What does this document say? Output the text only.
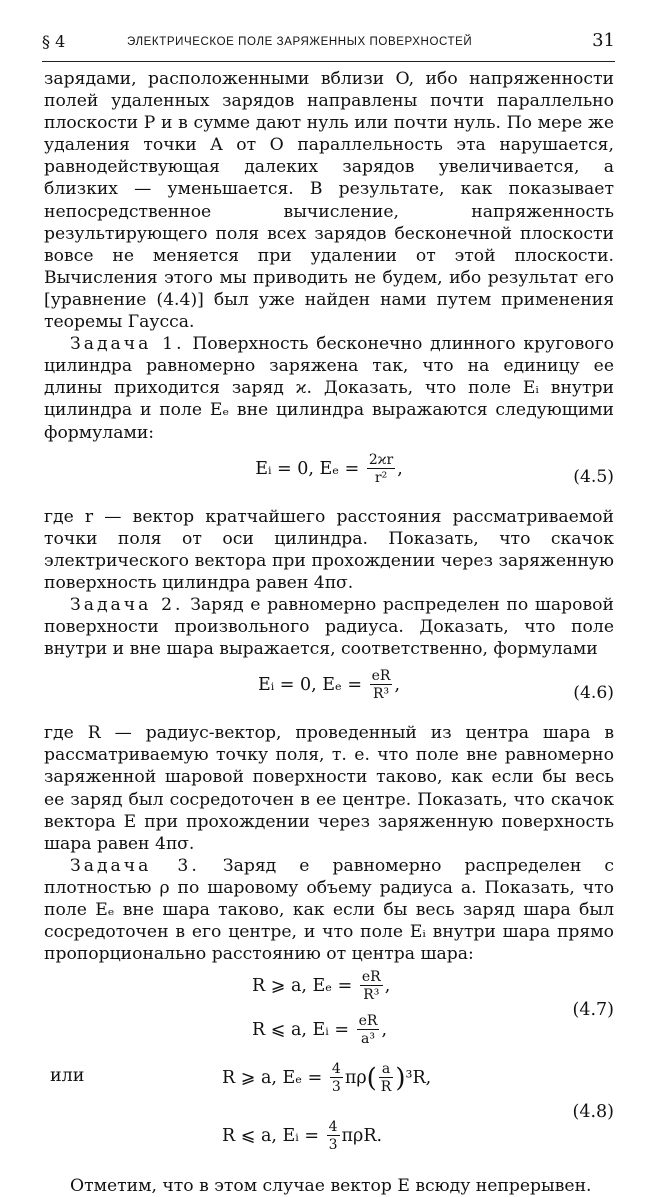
§ 4	ЭЛЕКТРИЧЕСКОЕ ПОЛЕ ЗАРЯЖЕННЫХ ПОВЕРХНОСТЕЙ	31

зарядами, расположенными вблизи O, ибо напряженности полей удаленных зарядов направлены почти параллельно плоскости P и в сумме дают нуль или почти нуль. По мере же удаления точки A от O параллельность эта нарушается, равнодействующая далеких зарядов увеличивается, а близких — уменьшается. В результате, как показывает непосредственное вычисление, напряженность результирующего поля всех зарядов бесконечной плоскости вовсе не меняется при удалении от этой плоскости. Вычисления этого мы приводить не будем, ибо результат его [уравнение (4.4)] был уже найден нами путем применения теоремы Гаусса.

Задача 1. Поверхность бесконечно длинного кругового цилиндра равномерно заряжена так, что на единицу ее длины приходится заряд ϰ. Доказать, что поле Eᵢ внутри цилиндра и поле Eₑ вне цилиндра выражаются следующими формулами:

Eᵢ = 0, $E_e = \frac{2ϰr}{\text{r²}}$ ,	(4.5)

где r — вектор кратчайшего расстояния рассматриваемой точки поля от оси цилиндра. Показать, что скачок электрического вектора при прохождении через заряженную поверхность цилиндра равен 4πσ.

Задача 2. Заряд e равномерно распределен по шаровой поверхности произвольного радиуса. Доказать, что поле внутри и вне шара выражается, соответственно, формулами

Eᵢ = 0, $E_e = \frac{eR}{\text{R³}}$ ,	(4.6)

где R — радиус-вектор, проведенный из центра шара в рассматриваемую точку поля, т. е. что поле вне равномерно заряженной шаровой поверхности таково, как если бы весь ее заряд был сосредоточен в ее центре. Показать, что скачок вектора E при прохождении через заряженную поверхность шара равен 4πσ.

Задача 3. Заряд e равномерно распределен с плотностью ρ по шаровому объему радиуса a. Показать, что поле Eₑ вне шара таково, как если бы весь заряд шара был сосредоточен в его центре, и что поле Eᵢ внутри шара прямо пропорционально расстоянию от центра шара:

R ⩾ a, $E_e = \frac{eR}{\text{R³}}$ ,
R ⩽ a, Eᵢ = $\frac{eR}{\text{a³}}$ ,
(4.7)
или	R ⩾ a, $E_e = \frac{4}{3} \pi\rho( \frac{a}{R} )^3R$,
R ⩽ a, Eᵢ = $\frac{4}{3} \pi\rho R$.
(4.8)

Отметим, что в этом случае вектор E всюду непрерывен.
